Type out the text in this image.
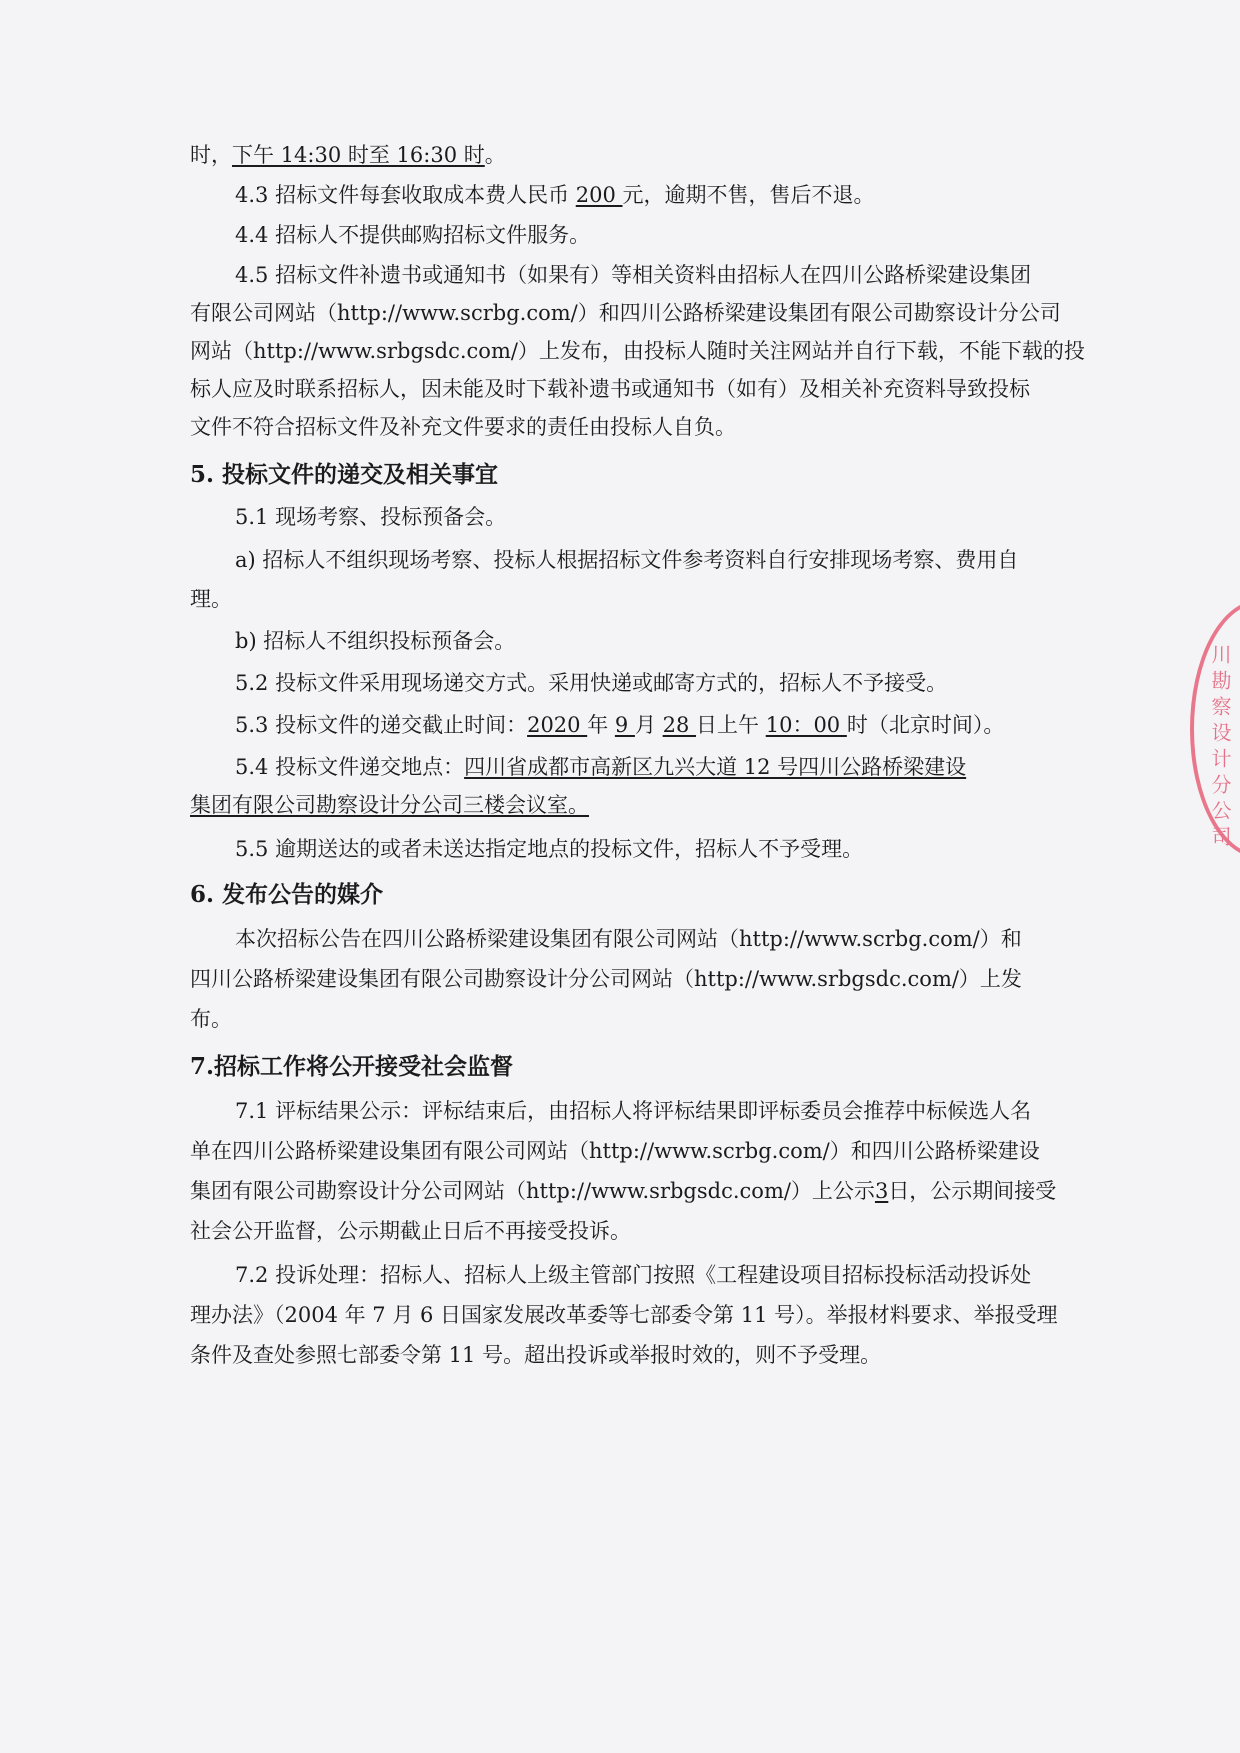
时，下午 14:30 时至 16:30 时。
4.3 招标文件每套收取成本费人民币 200 元，逾期不售，售后不退。
4.4 招标人不提供邮购招标文件服务。
4.5 招标文件补遗书或通知书（如果有）等相关资料由招标人在四川公路桥梁建设集团
有限公司网站（http://www.scrbg.com/）和四川公路桥梁建设集团有限公司勘察设计分公司
网站（http://www.srbgsdc.com/）上发布，由投标人随时关注网站并自行下载，不能下载的投
标人应及时联系招标人，因未能及时下载补遗书或通知书（如有）及相关补充资料导致投标
文件不符合招标文件及补充文件要求的责任由投标人自负。
5. 投标文件的递交及相关事宜
5.1 现场考察、投标预备会。
a) 招标人不组织现场考察、投标人根据招标文件参考资料自行安排现场考察、费用自
理。
b) 招标人不组织投标预备会。
5.2 投标文件采用现场递交方式。采用快递或邮寄方式的，招标人不予接受。
5.3 投标文件的递交截止时间：2020 年 9 月 28 日上午 10：00 时（北京时间）。
5.4 投标文件递交地点：四川省成都市高新区九兴大道 12 号四川公路桥梁建设
集团有限公司勘察设计分公司三楼会议室。
5.5 逾期送达的或者未送达指定地点的投标文件，招标人不予受理。
6. 发布公告的媒介
本次招标公告在四川公路桥梁建设集团有限公司网站（http://www.scrbg.com/）和
四川公路桥梁建设集团有限公司勘察设计分公司网站（http://www.srbgsdc.com/）上发
布。
7.招标工作将公开接受社会监督
7.1 评标结果公示：评标结束后，由招标人将评标结果即评标委员会推荐中标候选人名
单在四川公路桥梁建设集团有限公司网站（http://www.scrbg.com/）和四川公路桥梁建设
集团有限公司勘察设计分公司网站（http://www.srbgsdc.com/）上公示3日，公示期间接受
社会公开监督，公示期截止日后不再接受投诉。
7.2 投诉处理：招标人、招标人上级主管部门按照《工程建设项目招标投标活动投诉处
理办法》（2004 年 7 月 6 日国家发展改革委等七部委令第 11 号）。举报材料要求、举报受理
条件及查处参照七部委令第 11 号。超出投诉或举报时效的，则不予受理。
川勘察设计分公司
